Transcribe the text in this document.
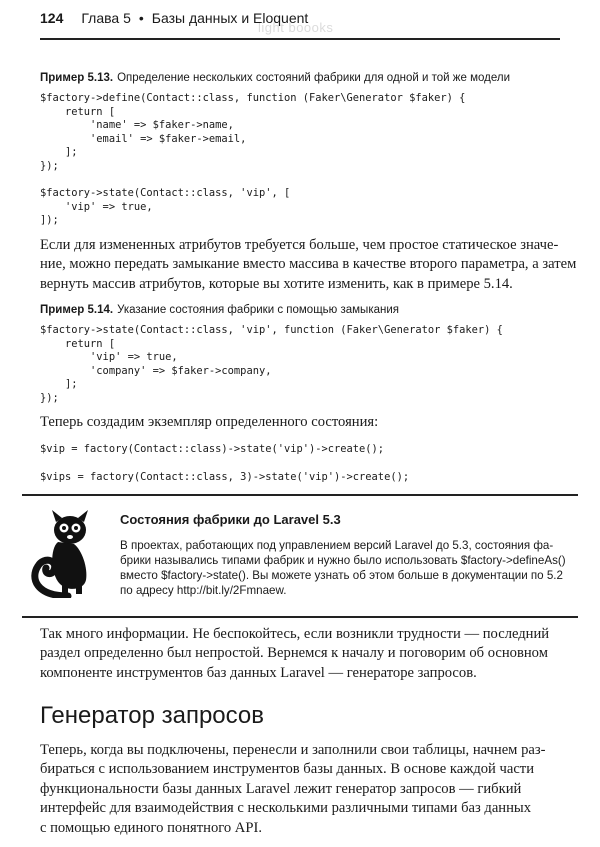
light boooks
124 Глава 5 • Базы данных и Eloquent
Пример 5.13. Определение нескольких состояний фабрики для одной и той же модели
$factory->define(Contact::class, function (Faker\Generator $faker) {
return [
'name' => $faker->name,
'email' => $faker->email,
];
});

$factory->state(Contact::class, 'vip', [
'vip' => true,
]);

Если для измененных атрибутов требуется больше, чем простое статическое значе-
ние, можно передать замыкание вместо массива в качестве второго параметра, а затем
вернуть массив атрибутов, которые вы хотите изменить, как в примере 5.14.

Пример 5.14. Указание состояния фабрики с помощью замыкания
$factory->state(Contact::class, 'vip', function (Faker\Generator $faker) {
return [
'vip' => true,
'company' => $faker->company,
];
});

Теперь создадим экземпляр определенного состояния:

$vip = factory(Contact::class)->state('vip')->create();
$vips = factory(Contact::class, 3)->state('vip')->create();
Состояния фабрики до Laravel 5.3
В проектах, работающих под управлением версий Laravel до 5.3, состояния фа-
брики назывались типами фабрик и нужно было использовать $factory->defineAs()
вместо $factory->state(). Вы можете узнать об этом больше в документации по 5.2
по адресу http://bit.ly/2Fmnaew.

Так много информации. Не беспокойтесь, если возникли трудности — последний
раздел определенно был непростой. Вернемся к началу и поговорим об основном
компоненте инструментов баз данных Laravel — генераторе запросов.

Генератор запросов

Теперь, когда вы подключены, перенесли и заполнили свои таблицы, начнем раз-
бираться с использованием инструментов базы данных. В основе каждой части
функциональности базы данных Laravel лежит генератор запросов — гибкий
интерфейс для взаимодействия с несколькими различными типами баз данных
с помощью единого понятного API.
